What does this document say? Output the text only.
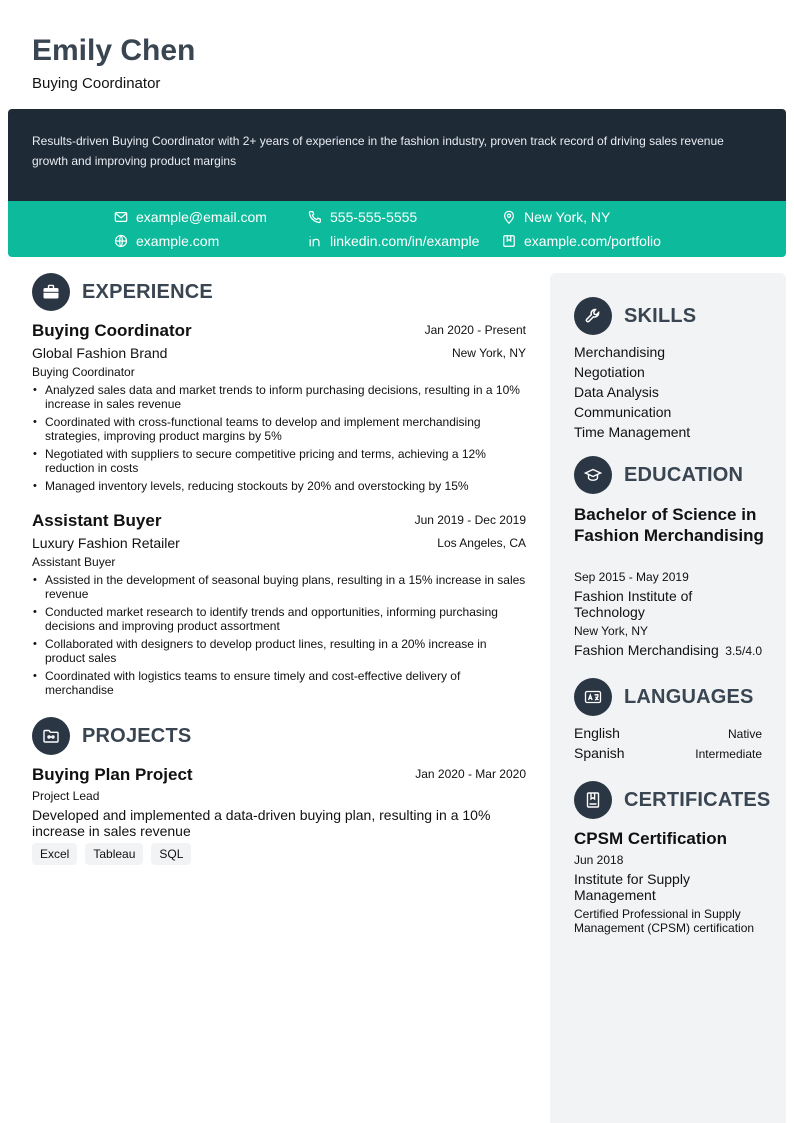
Emily Chen
Buying Coordinator
Results-driven Buying Coordinator with 2+ years of experience in the fashion industry, proven track record of driving sales revenue growth and improving product margins
example@email.com	555-555-5555	New York, NY
example.com	linkedin.com/in/example	example.com/portfolio
EXPERIENCE
Buying Coordinator	Jan 2020 - Present
Global Fashion Brand	New York, NY
Buying Coordinator
• Analyzed sales data and market trends to inform purchasing decisions, resulting in a 10% increase in sales revenue
• Coordinated with cross-functional teams to develop and implement merchandising strategies, improving product margins by 5%
• Negotiated with suppliers to secure competitive pricing and terms, achieving a 12% reduction in costs
• Managed inventory levels, reducing stockouts by 20% and overstocking by 15%
Assistant Buyer	Jun 2019 - Dec 2019
Luxury Fashion Retailer	Los Angeles, CA
Assistant Buyer
• Assisted in the development of seasonal buying plans, resulting in a 15% increase in sales revenue
• Conducted market research to identify trends and opportunities, informing purchasing decisions and improving product assortment
• Collaborated with designers to develop product lines, resulting in a 20% increase in product sales
• Coordinated with logistics teams to ensure timely and cost-effective delivery of merchandise
PROJECTS
Buying Plan Project	Jan 2020 - Mar 2020
Project Lead
Developed and implemented a data-driven buying plan, resulting in a 10% increase in sales revenue
Excel	Tableau	SQL
SKILLS
Merchandising
Negotiation
Data Analysis
Communication
Time Management
EDUCATION
Bachelor of Science in Fashion Merchandising
Sep 2015 - May 2019
Fashion Institute of Technology
New York, NY
Fashion Merchandising 3.5/4.0
LANGUAGES
English	Native
Spanish	Intermediate
CERTIFICATES
CPSM Certification
Jun 2018
Institute for Supply Management
Certified Professional in Supply Management (CPSM) certification
